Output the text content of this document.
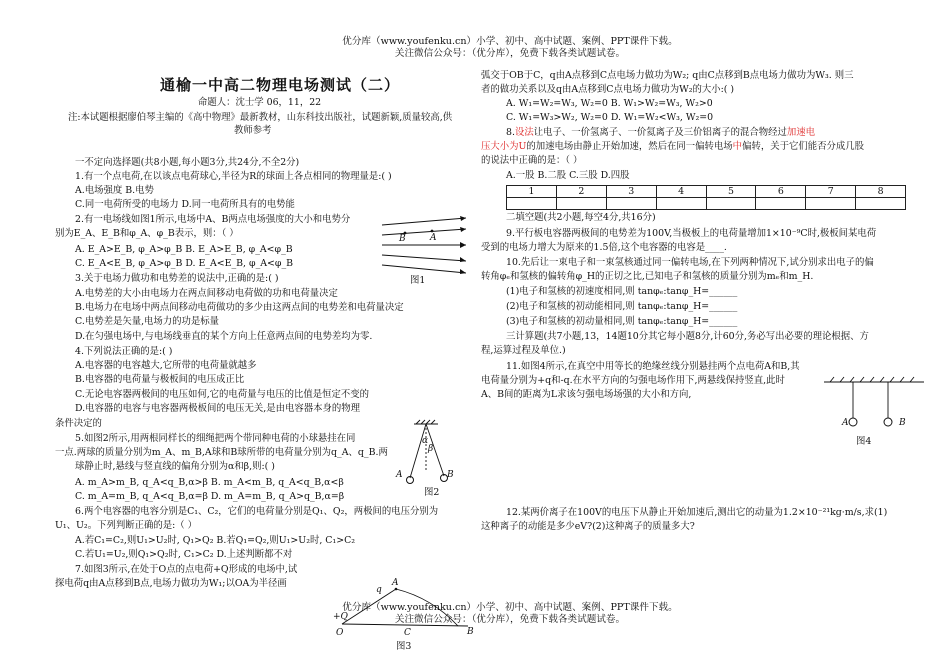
优分库（www.youfenku.cn）小学、初中、高中试题、案例、PPT课件下载。
关注微信公众号：（优分库），免费下载各类试题试卷。
优分库（www.youfenku.cn）小学、初中、高中试题、案例、PPT课件下载。
关注微信公众号：（优分库），免费下载各类试题试卷。
通榆一中高二物理电场测试（二）
命题人：沈士学 06，11，22
注:本试题根据廖伯琴主编的《高中物理》最新教材，山东科技出版社，试题新颖,质量较高,供
教师参考
一不定向选择题(共8小题,每小题3分,共24分,不全2分)
1.有一个点电荷,在以该点电荷球心,半径为R的球面上各点相同的物理量是:( )
A.电场强度 B.电势
C.同一电荷所受的电场力 D.同一电荷所具有的电势能
2.有一电场线如图1所示,电场中A、B两点电场强度的大小和电势分
别为E_A、E_B和φ_A、φ_B表示，则：（ ）
A. E_A>E_B, φ_A>φ_B B. E_A>E_B, φ_A<φ_B
C. E_A<E_B, φ_A>φ_B D. E_A<E_B, φ_A<φ_B
3.关于电场力做功和电势差的说法中,正确的是:( )
A.电势差的大小由电场力在两点间移动电荷做的功和电荷量决定
B.电场力在电场中两点间移动电荷做功的多少由这两点间的电势差和电荷量决定
C.电势差是矢量,电场力的功是标量
D.在匀强电场中,与电场线垂直的某个方向上任意两点间的电势差均为零.
4.下列说法正确的是:( )
A.电容器的电容越大,它所带的电荷量就越多
B.电容器的电荷量与极板间的电压成正比
C.无论电容器两极间的电压如何,它的电荷量与电压的比值是恒定不变的
D.电容器的电容与电容器两极板间的电压无关,是由电容器本身的物理
条件决定的
5.如图2所示,用两根同样长的细绳把两个带同种电荷的小球悬挂在同
一点.两球的质量分别为m_A、m_B,A球和B球所带的电荷量分别为q_A、q_B.两
球静止时,悬线与竖直线的偏角分别为α和β,则:( )
A. m_A>m_B, q_A<q_B,α>β B. m_A<m_B, q_A<q_B,α<β
C. m_A=m_B, q_A<q_B,α=β D. m_A=m_B, q_A>q_B,α=β
6.两个电容器的电容分别是C₁、C₂，它们的电荷量分别是Q₁、Q₂，两极间的电压分别为
U₁、U₂。下列判断正确的是:（ ）
A.若C₁=C₂,则U₁>U₂时, Q₁>Q₂ B.若Q₁=Q₂,则U₁>U₂时, C₁>C₂
C.若U₁=U₂,则Q₁>Q₂时, C₁>C₂ D.上述判断都不对
7.如图3所示,在处于O点的点电荷+Q形成的电场中,试
探电荷q由A点移到B点,电场力做功为W₁;以OA为半径画
弧交于OB于C，q由A点移到C点电场力做功为W₂; q由C点移到B点电场力做功为W₃. 则三
者的做功关系以及q由A点移到C点电场力做功为W₂的大小:( )
A. W₁=W₂=W₃, W₂=0 B. W₁>W₂=W₃, W₂>0
C. W₁=W₃>W₂, W₂=0 D. W₁=W₂<W₃, W₂=0
8.设法让电子、一价氢离子、一价氦离子及三价铝离子的混合物经过加速电
压大小为U的加速电场由静止开始加速，然后在同一偏转电场中偏转，关于它们能否分成几股
的说法中正确的是：（ ）
A.一股 B.二股 C.三股 D.四股
1	2	3	4	5	6	7	8

二填空题(共2小题,每空4分,共16分)
9.平行板电容器两极间的电势差为100V,当极板上的电荷量增加1×10⁻⁹C时,极板间某电荷
受到的电场力增大为原来的1.5倍,这个电容器的电容是____.
10.先后让一束电子和一束氢核通过同一偏转电场,在下列两种情况下,试分别求出电子的偏
转角φₑ和氢核的偏转角φ_H的正切之比,已知电子和氢核的质量分别为mₑ和m_H.
(1)电子和氢核的初速度相同,则 tanφₑ:tanφ_H=______
(2)电子和氢核的初动能相同,则 tanφₑ:tanφ_H=______
(3)电子和氢核的初动量相同,则 tanφₑ:tanφ_H=______
三计算题(共7小题,13，14题10分其它每小题8分,计60分,务必写出必要的理论根据、方
程,运算过程及单位.)
11.如图4所示,在真空中用等长的绝缘丝线分别悬挂两个点电荷A和B,其
电荷量分别为+q和-q.在水平方向的匀强电场作用下,两悬线保持竖直,此时
A、B间的距离为L求该匀强电场场强的大小和方向,
12.某两价离子在100V的电压下从静止开始加速后,测出它的动量为1.2×10⁻²¹kg·m/s,求(1)
这种离子的动能是多少eV?(2)这种离子的质量多大?
B	A
图1
α
β
A	B
图2
A
q
+Q
O	C	B
图3
A	B
图4
